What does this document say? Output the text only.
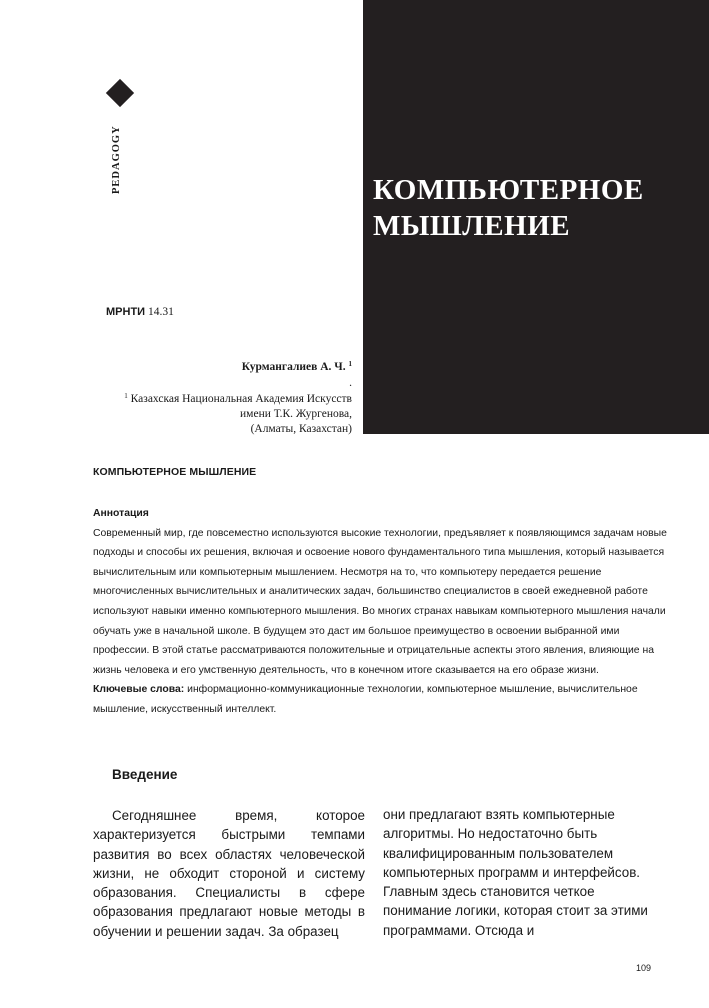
КОМПЬЮТЕРНОЕ
МЫШЛЕНИЕ
PEDAGOGY
МРНТИ 14.31
Курмангалиев А. Ч. $^1$
.
$^1$ Казахская Национальная Академия Искусств
имени Т.К. Жургенова,
(Алматы, Казахстан)
КОМПЬЮТЕРНОЕ МЫШЛЕНИЕ
Аннотация

Современный мир, где повсеместно используются высокие технологии, предъявляет к появляющимся задачам новые подходы и способы их решения, включая и освоение нового фундаментального типа мышления, который называется вычислительным или компьютерным мышлением. Несмотря на то, что компьютеру передается решение многочисленных вычислительных и аналитических задач, большинство специалистов в своей ежедневной работе используют навыки именно компьютерного мышления. Во многих странах навыкам компьютерного мышления начали обучать уже в начальной школе. В будущем это даст им большое преимущество в освоении выбранной ими профессии. В этой статье рассматриваются положительные и отрицательные аспекты этого явления, влияющие на жизнь человека и его умственную деятельность, что в конечном итоге сказывается на его образе жизни.

Ключевые слова: информационно-коммуникационные технологии, компьютерное мышление, вычислительное мышление, искусственный интеллект.

Введение

Сегодняшнее время, которое характеризуется быстрыми темпами развития во всех областях человеческой жизни, не обходит стороной и систему образования. Специалисты в сфере образования предлагают новые методы в обучении и решении задач. За образец

они предлагают взять компьютерные алгоритмы. Но недостаточно быть квалифицированным пользователем компьютерных программ и интерфейсов. Главным здесь становится четкое понимание логики, которая стоит за этими программами. Отсюда и

109
